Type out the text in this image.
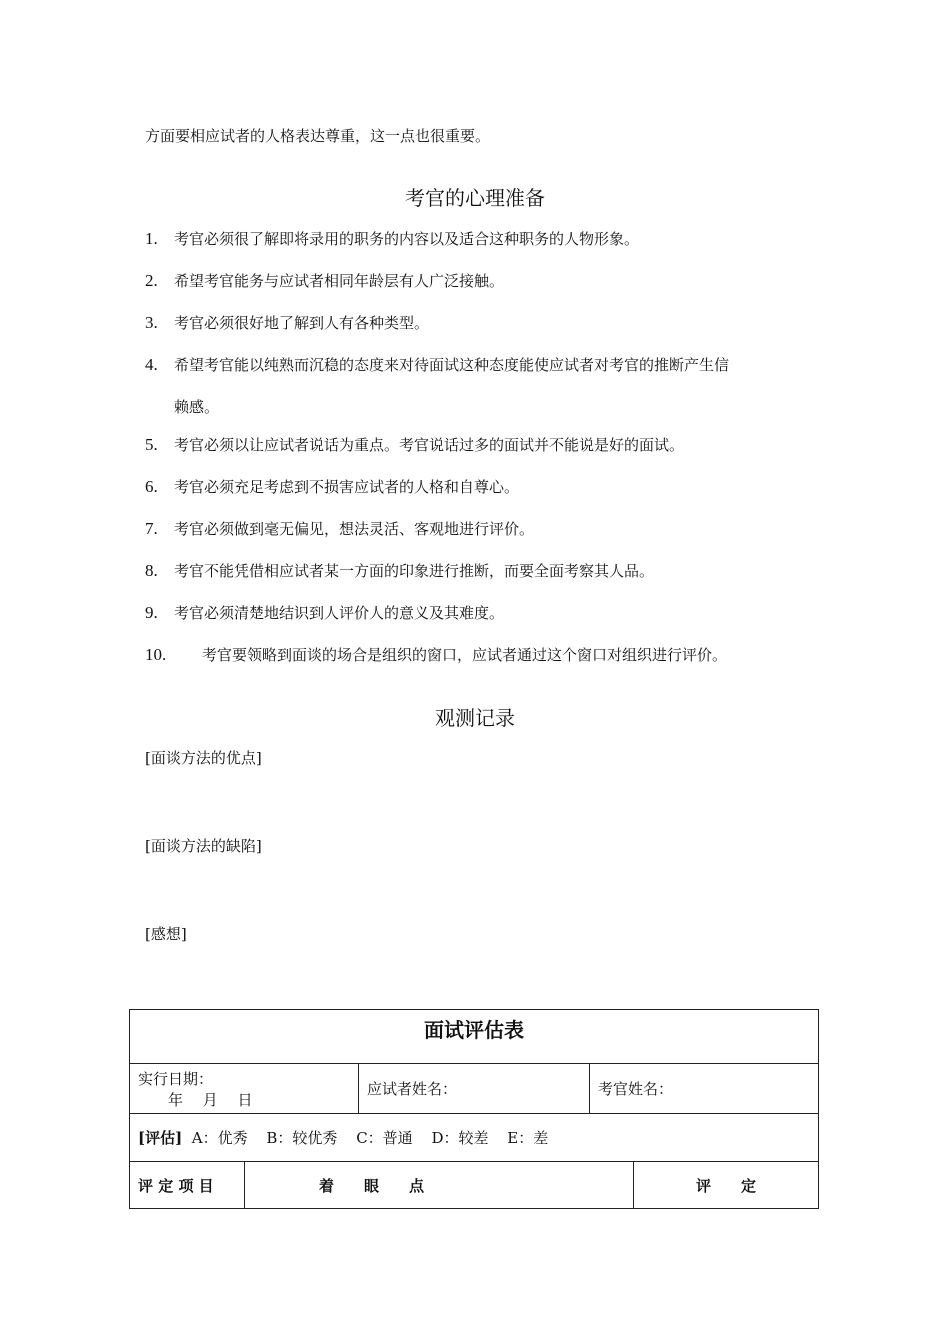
方面要相应试者的人格表达尊重，这一点也很重要。
考官的心理准备
1. 考官必须很了解即将录用的职务的内容以及适合这种职务的人物形象。
2. 希望考官能务与应试者相同年龄层有人广泛接触。
3. 考官必须很好地了解到人有各种类型。
4. 希望考官能以纯熟而沉稳的态度来对待面试这种态度能使应试者对考官的推断产生信
赖感。
5. 考官必须以让应试者说话为重点。考官说话过多的面试并不能说是好的面试。
6. 考官必须充足考虑到不损害应试者的人格和自尊心。
7. 考官必须做到毫无偏见，想法灵活、客观地进行评价。
8. 考官不能凭借相应试者某一方面的印象进行推断，而要全面考察其人品。
9. 考官必须清楚地结识到人评价人的意义及其难度。
10. 考官要领略到面谈的场合是组织的窗口，应试者通过这个窗口对组织进行评价。
观测记录
[面谈方法的优点]
[面谈方法的缺陷]
[感想]
面试评估表				

实行日期：
年　 月　 日		应试者姓名：	考官姓名：	
[评估] A：优秀 B：较优秀 C：普通 D：较差 E：差				
评 定 项 目	着　　眼　　点			评　　定
